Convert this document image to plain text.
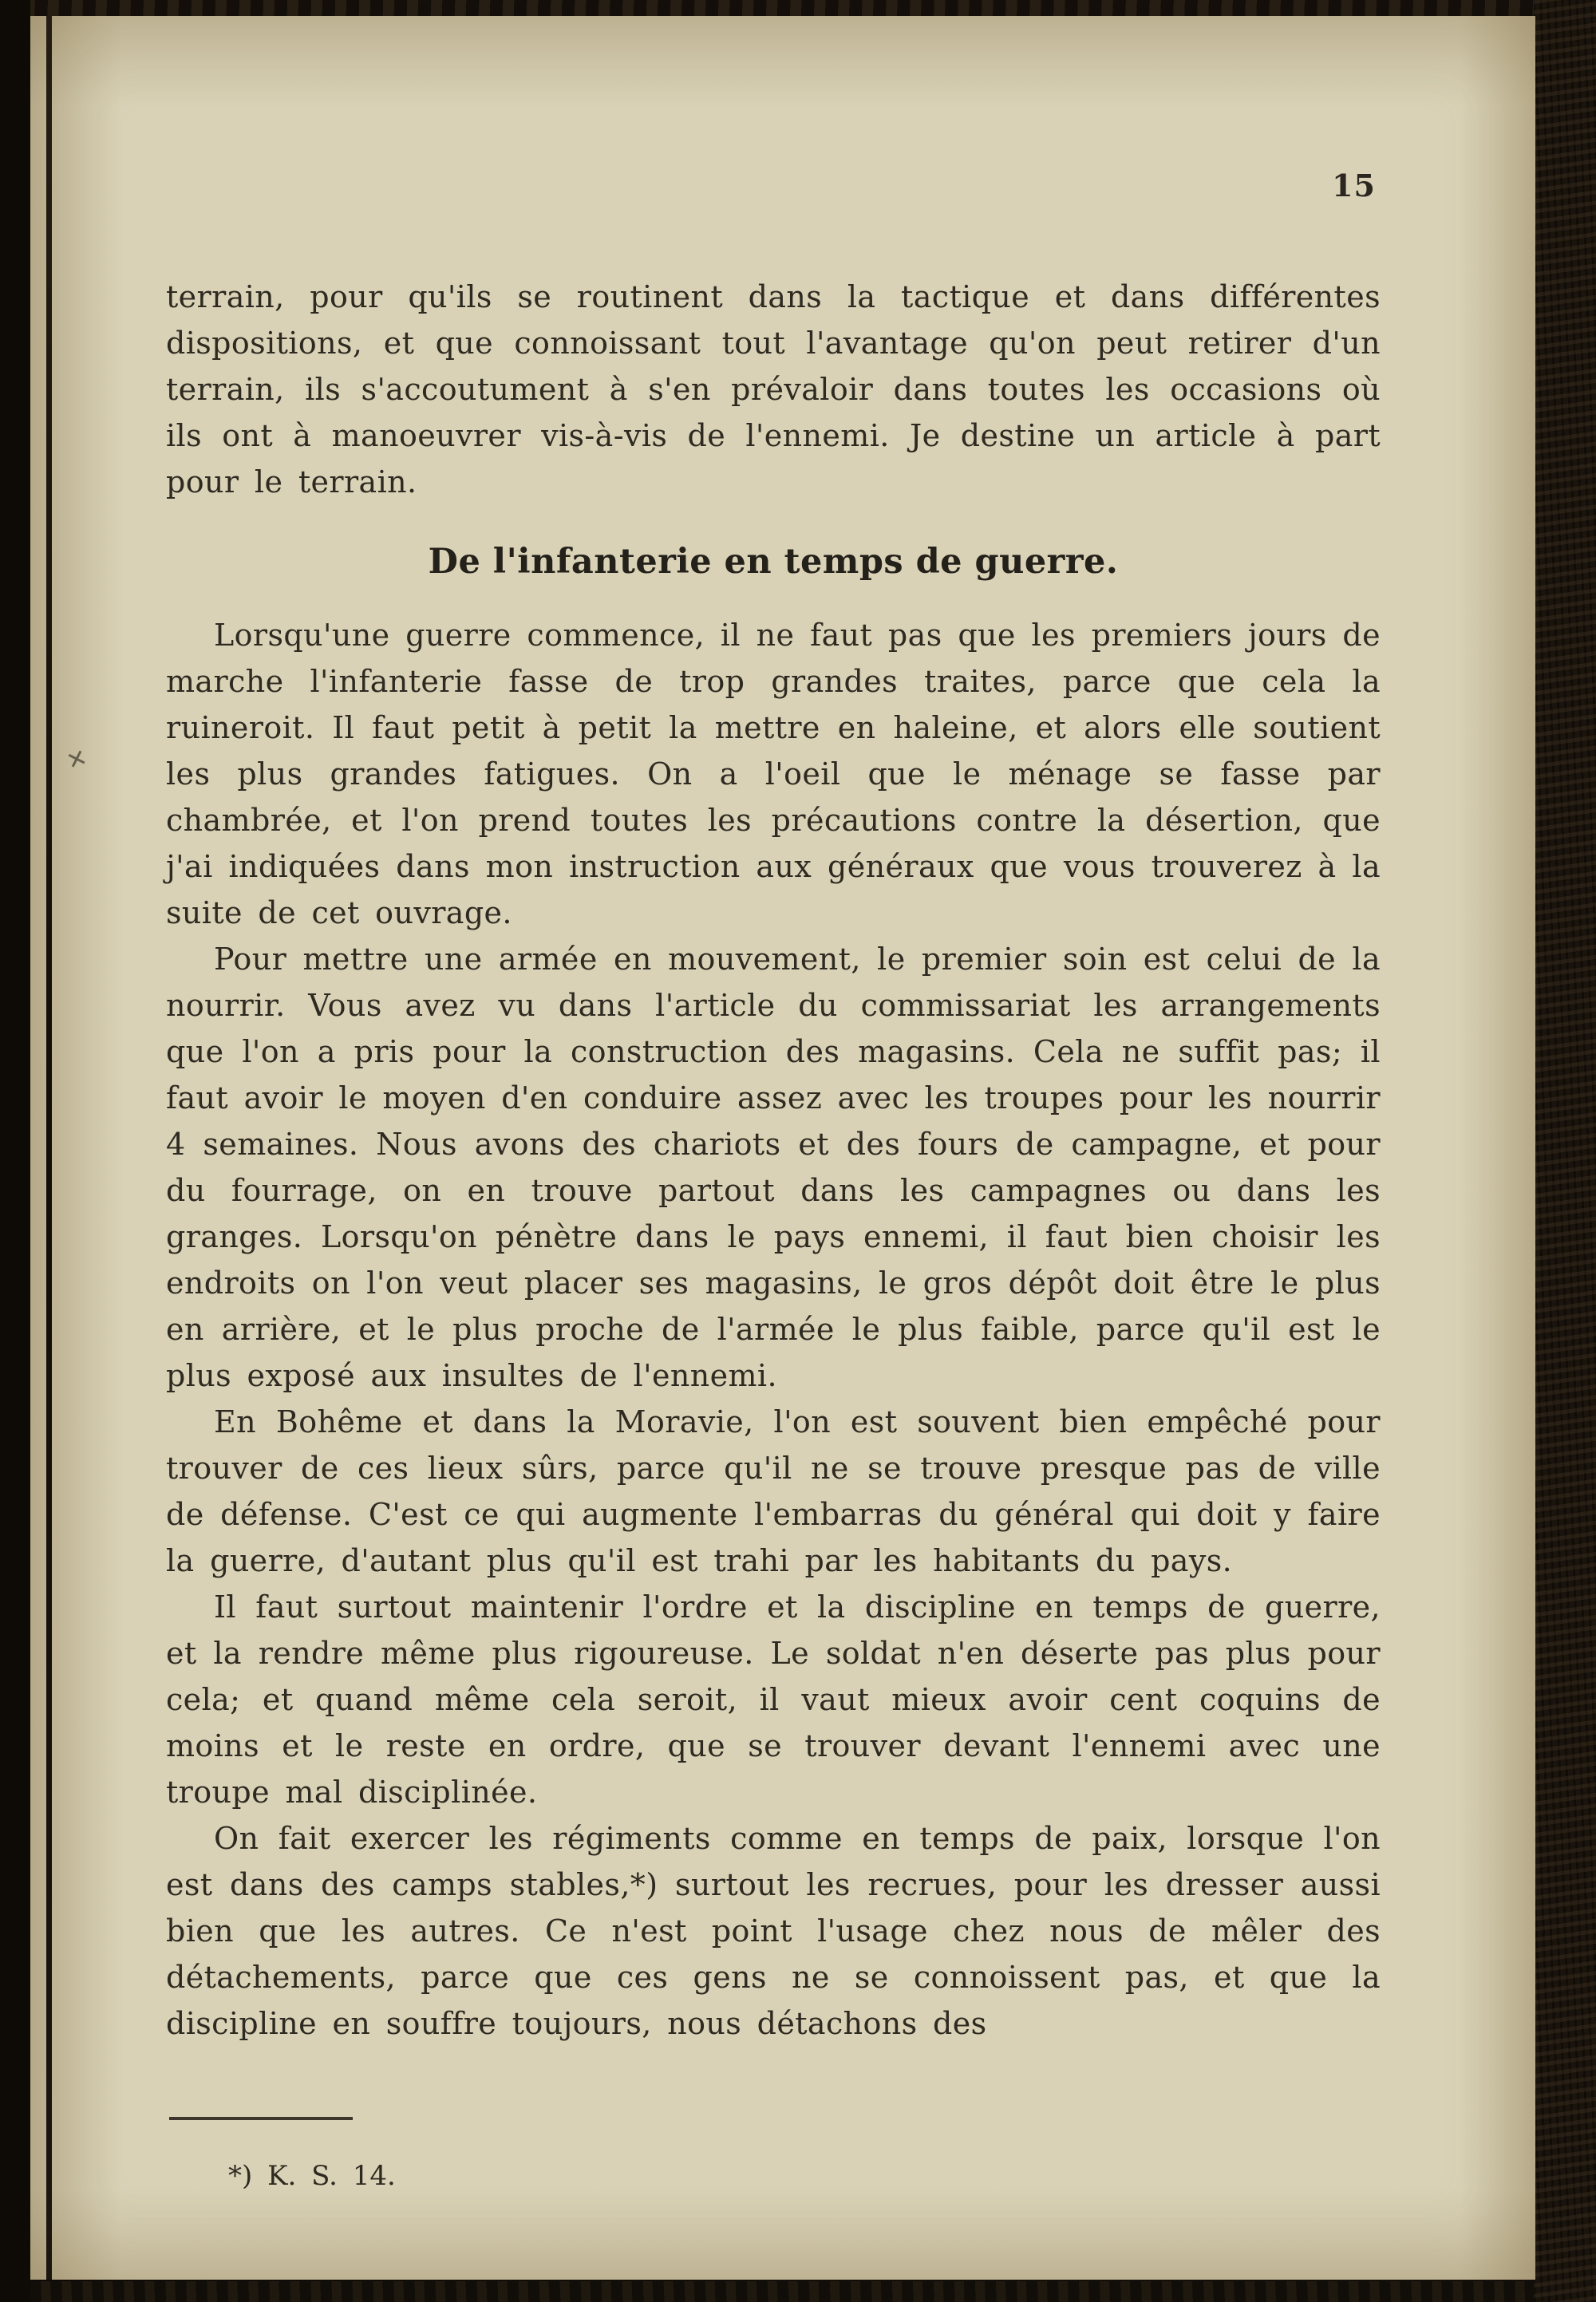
✕
15

terrain, pour qu'ils se routinent dans la tactique et dans différentes dispositions, et que connoissant tout l'avantage qu'on peut retirer d'un terrain, ils s'accoutument à s'en prévaloir dans toutes les occasions où ils ont à manoeuvrer vis-à-vis de l'ennemi. Je destine un article à part pour le terrain.

De l'infanterie en temps de guerre.

Lorsqu'une guerre commence, il ne faut pas que les premiers jours de marche l'infanterie fasse de trop grandes traites, parce que cela la ruineroit. Il faut petit à petit la mettre en haleine, et alors elle soutient les plus grandes fatigues. On a l'oeil que le ménage se fasse par chambrée, et l'on prend toutes les précautions contre la désertion, que j'ai indiquées dans mon instruction aux généraux que vous trouverez à la suite de cet ouvrage.

Pour mettre une armée en mouvement, le premier soin est celui de la nourrir. Vous avez vu dans l'article du commissariat les arrangements que l'on a pris pour la construction des magasins. Cela ne suffit pas; il faut avoir le moyen d'en conduire assez avec les troupes pour les nourrir 4 semaines. Nous avons des chariots et des fours de campagne, et pour du fourrage, on en trouve partout dans les campagnes ou dans les granges. Lorsqu'on pénètre dans le pays ennemi, il faut bien choisir les endroits on l'on veut placer ses magasins, le gros dépôt doit être le plus en arrière, et le plus proche de l'armée le plus faible, parce qu'il est le plus exposé aux insultes de l'ennemi.

En Bohême et dans la Moravie, l'on est souvent bien empêché pour trouver de ces lieux sûrs, parce qu'il ne se trouve presque pas de ville de défense. C'est ce qui augmente l'embarras du général qui doit y faire la guerre, d'autant plus qu'il est trahi par les habitants du pays.

Il faut surtout maintenir l'ordre et la discipline en temps de guerre, et la rendre même plus rigoureuse. Le soldat n'en déserte pas plus pour cela; et quand même cela seroit, il vaut mieux avoir cent coquins de moins et le reste en ordre, que se trouver devant l'ennemi avec une troupe mal disciplinée.

On fait exercer les régiments comme en temps de paix, lorsque l'on est dans des camps stables,*) surtout les recrues, pour les dresser aussi bien que les autres. Ce n'est point l'usage chez nous de mêler des détachements, parce que ces gens ne se connoissent pas, et que la discipline en souffre toujours, nous détachons des

*) K. S. 14.
